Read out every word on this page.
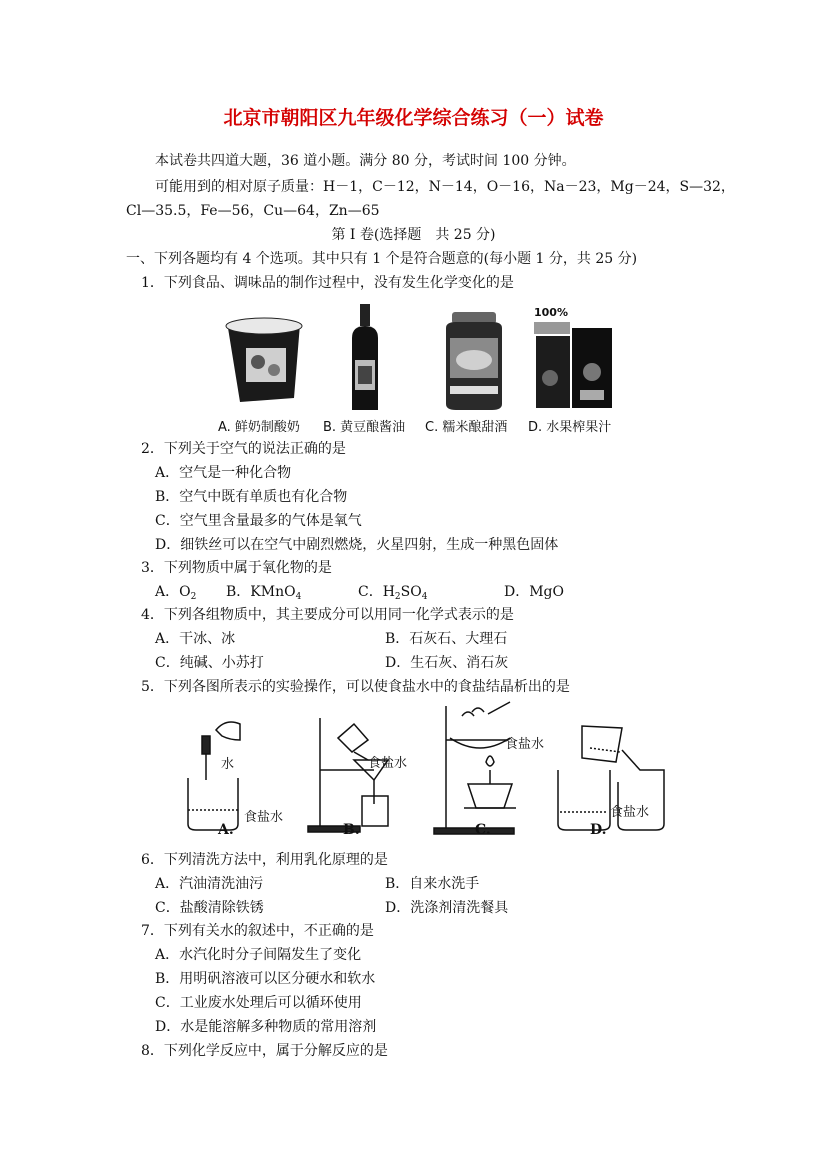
北京市朝阳区九年级化学综合练习（一）试卷
本试卷共四道大题，36 道小题。满分 80 分，考试时间 100 分钟。
可能用到的相对原子质量：H－1，C－12，N－14，O－16，Na－23，Mg－24，S—32，
Cl—35.5，Fe—56，Cu—64，Zn—65
第 I 卷(选择题　共 25 分)
一、下列各题均有 4 个选项。其中只有 1 个是符合题意的(每小题 1 分，共 25 分)
1．下列食品、调味品的制作过程中，没有发生化学变化的是
100%
A. 鲜奶制酸奶 B. 黄豆酿酱油 C. 糯米酿甜酒 D. 水果榨果汁
2．下列关于空气的说法正确的是
A．空气是一种化合物
B．空气中既有单质也有化合物
C．空气里含量最多的气体是氧气
D．细铁丝可以在空气中剧烈燃烧，火星四射，生成一种黑色固体
3．下列物质中属于氧化物的是
A．$O_2$ B．KMnO$_4$	C．$H_2SO_4$	D．MgO
4．下列各组物质中，其主要成分可以用同一化学式表示的是
A．干冰、冰	B．石灰石、大理石
C．纯碱、小苏打	D．生石灰、消石灰
5．下列各图所表示的实验操作，可以使食盐水中的食盐结晶析出的是
水
食盐水
食盐水
食盐水
食盐水
A.	B.	C.	D.
6．下列清洗方法中，利用乳化原理的是
A．汽油清洗油污	B．自来水洗手
C．盐酸清除铁锈	D．洗涤剂清洗餐具
7．下列有关水的叙述中，不正确的是
A．水汽化时分子间隔发生了变化
B．用明矾溶液可以区分硬水和软水
C．工业废水处理后可以循环使用
D．水是能溶解多种物质的常用溶剂
8．下列化学反应中，属于分解反应的是
